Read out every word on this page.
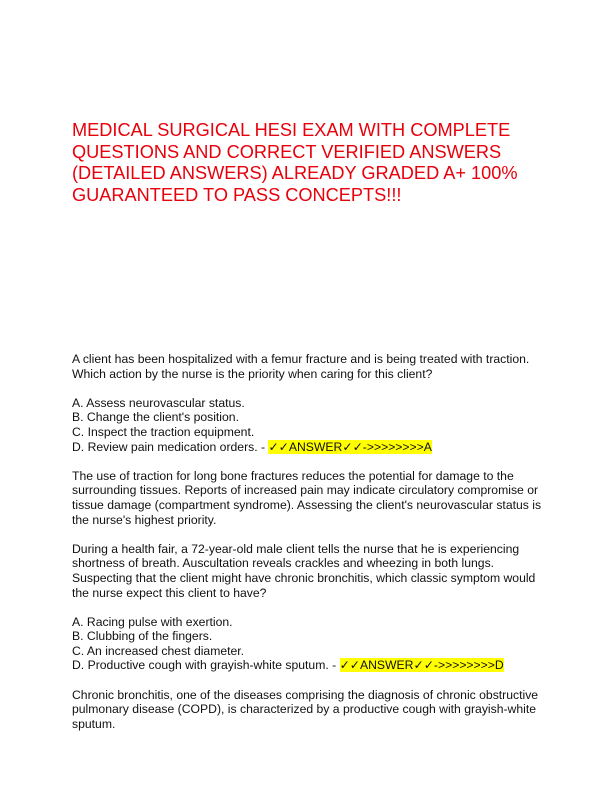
MEDICAL SURGICAL HESI EXAM WITH COMPLETE
QUESTIONS AND CORRECT VERIFIED ANSWERS
(DETAILED ANSWERS) ALREADY GRADED A+ 100%
GUARANTEED TO PASS CONCEPTS!!!
A client has been hospitalized with a femur fracture and is being treated with traction.
Which action by the nurse is the priority when caring for this client?
A. Assess neurovascular status.
B. Change the client's position.
C. Inspect the traction equipment.
D. Review pain medication orders. - ✓✓ANSWER✓✓->>>>>>>>A
The use of traction for long bone fractures reduces the potential for damage to the
surrounding tissues. Reports of increased pain may indicate circulatory compromise or
tissue damage (compartment syndrome). Assessing the client's neurovascular status is
the nurse's highest priority.
During a health fair, a 72-year-old male client tells the nurse that he is experiencing
shortness of breath. Auscultation reveals crackles and wheezing in both lungs.
Suspecting that the client might have chronic bronchitis, which classic symptom would
the nurse expect this client to have?
A. Racing pulse with exertion.
B. Clubbing of the fingers.
C. An increased chest diameter.
D. Productive cough with grayish-white sputum. - ✓✓ANSWER✓✓->>>>>>>>D
Chronic bronchitis, one of the diseases comprising the diagnosis of chronic obstructive
pulmonary disease (COPD), is characterized by a productive cough with grayish-white
sputum.
